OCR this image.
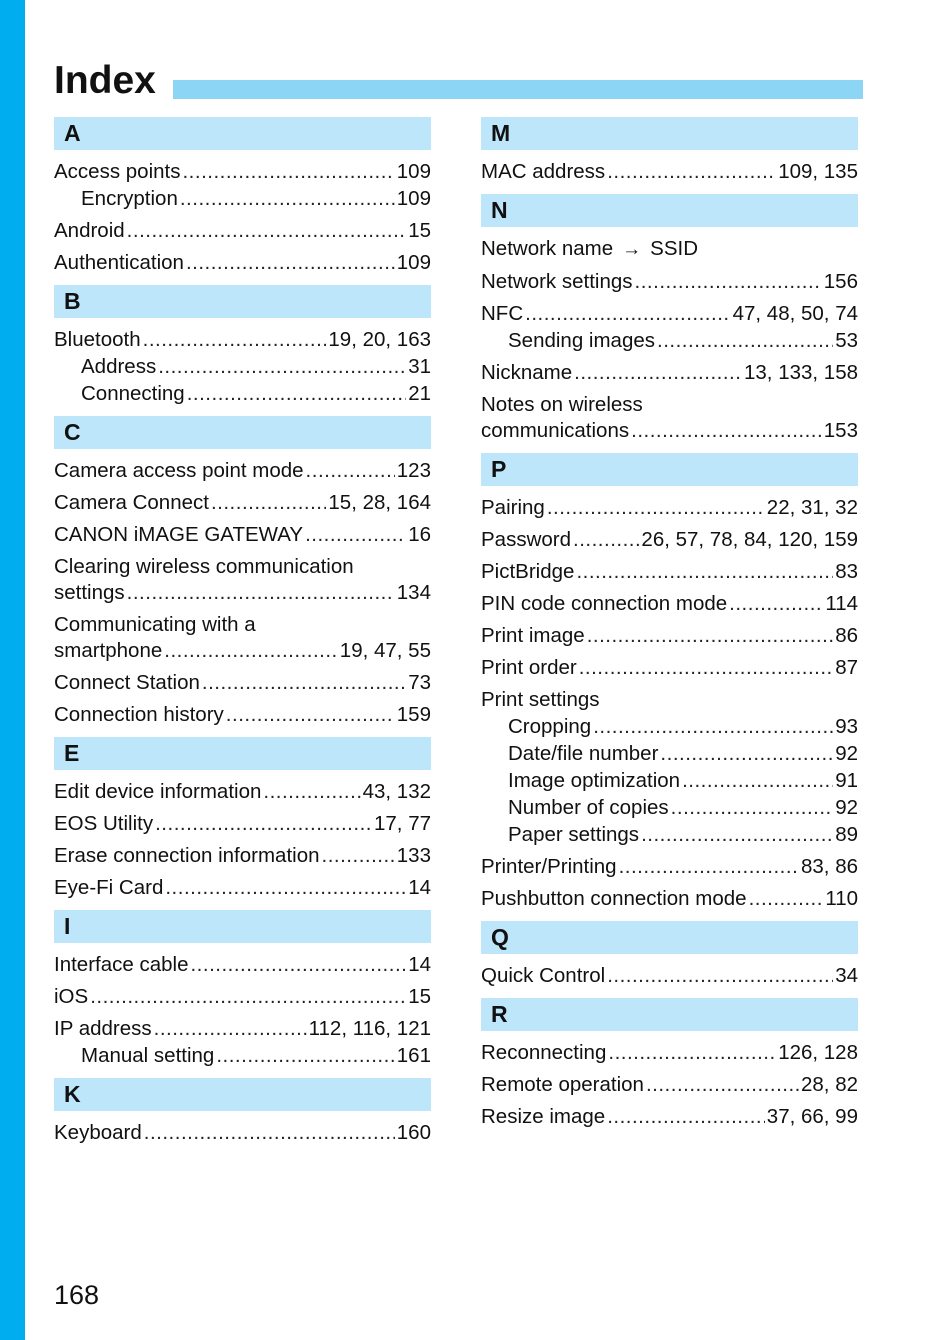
Index
A
Access points .....	109
Encryption .....	109
Android .....	15
Authentication .....	109
B
Bluetooth .....	19, 20, 163
Address .....	31
Connecting .....	21
C
Camera access point mode .....	123
Camera Connect .....	15, 28, 164
CANON iMAGE GATEWAY .....	16
Clearing wireless communication
settings .....	134
Communicating with a
smartphone .....	19, 47, 55
Connect Station .....	73
Connection history .....	159
E
Edit device information .....	43, 132
EOS Utility .....	17, 77
Erase connection information .....	133
Eye-Fi Card .....	14
I
Interface cable .....	14
iOS .....	15
IP address .....	112, 116, 121
Manual setting .....	161
K
Keyboard .....	160
M
MAC address .....	109, 135
N
Network name → SSID
Network settings .....	156
NFC .....	47, 48, 50, 74
Sending images .....	53
Nickname .....	13, 133, 158
Notes on wireless
communications .....	153
P
Pairing .....	22, 31, 32
Password .....	26, 57, 78, 84, 120, 159
PictBridge .....	83
PIN code connection mode .....	114
Print image .....	86
Print order .....	87
Print settings
Cropping .....	93
Date/file number .....	92
Image optimization .....	91
Number of copies .....	92
Paper settings .....	89
Printer/Printing .....	83, 86
Pushbutton connection mode .....	110
Q
Quick Control .....	34
R
Reconnecting .....	126, 128
Remote operation .....	28, 82
Resize image .....	37, 66, 99
168
